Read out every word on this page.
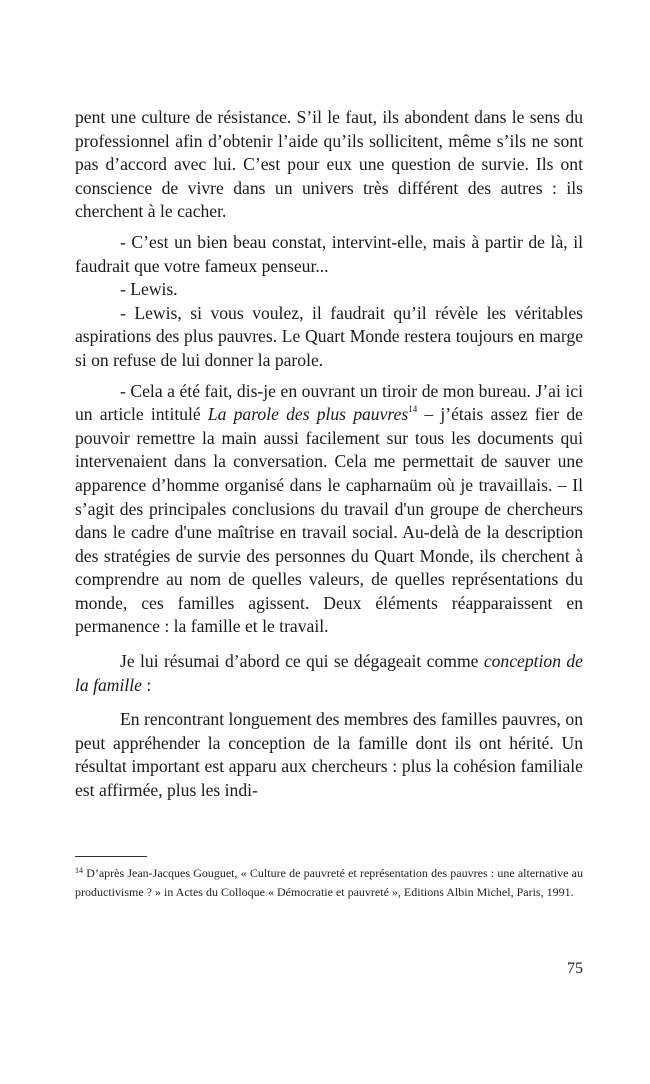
pent une culture de résistance. S’il le faut, ils abondent dans le sens du professionnel afin d’obtenir l’aide qu’ils sollicitent, même s’ils ne sont pas d’accord avec lui. C’est pour eux une question de survie. Ils ont conscience de vivre dans un univers très différent des autres : ils cherchent à le cacher.

- C’est un bien beau constat, intervint-elle, mais à partir de là, il faudrait que votre fameux penseur...

- Lewis.

- Lewis, si vous voulez, il faudrait qu’il révèle les véritables aspirations des plus pauvres. Le Quart Monde restera toujours en marge si on refuse de lui donner la parole.

- Cela a été fait, dis-je en ouvrant un tiroir de mon bureau. J’ai ici un article intitulé La parole des plus pauvres$^{14}$ – j’étais assez fier de pouvoir remettre la main aussi facilement sur tous les documents qui intervenaient dans la conversation. Cela me permettait de sauver une apparence d’homme organisé dans le capharnaüm où je travaillais. – Il s’agit des principales conclusions du travail d'un groupe de chercheurs dans le cadre d'une maîtrise en travail social. Au-delà de la description des stratégies de survie des personnes du Quart Monde, ils cherchent à comprendre au nom de quelles valeurs, de quelles représentations du monde, ces familles agissent. Deux éléments réapparaissent en permanence : la famille et le travail.

Je lui résumai d’abord ce qui se dégageait comme conception de la famille :

En rencontrant longuement des membres des familles pauvres, on peut appréhender la conception de la famille dont ils ont hérité. Un résultat important est apparu aux chercheurs : plus la cohésion familiale est affirmée, plus les indi-

$^{14}$ D’après Jean-Jacques Gouguet, « Culture de pauvreté et représentation des pauvres : une alternative au productivisme ? » in Actes du Colloque « Démocratie et pauvreté », Editions Albin Michel, Paris, 1991.

75
